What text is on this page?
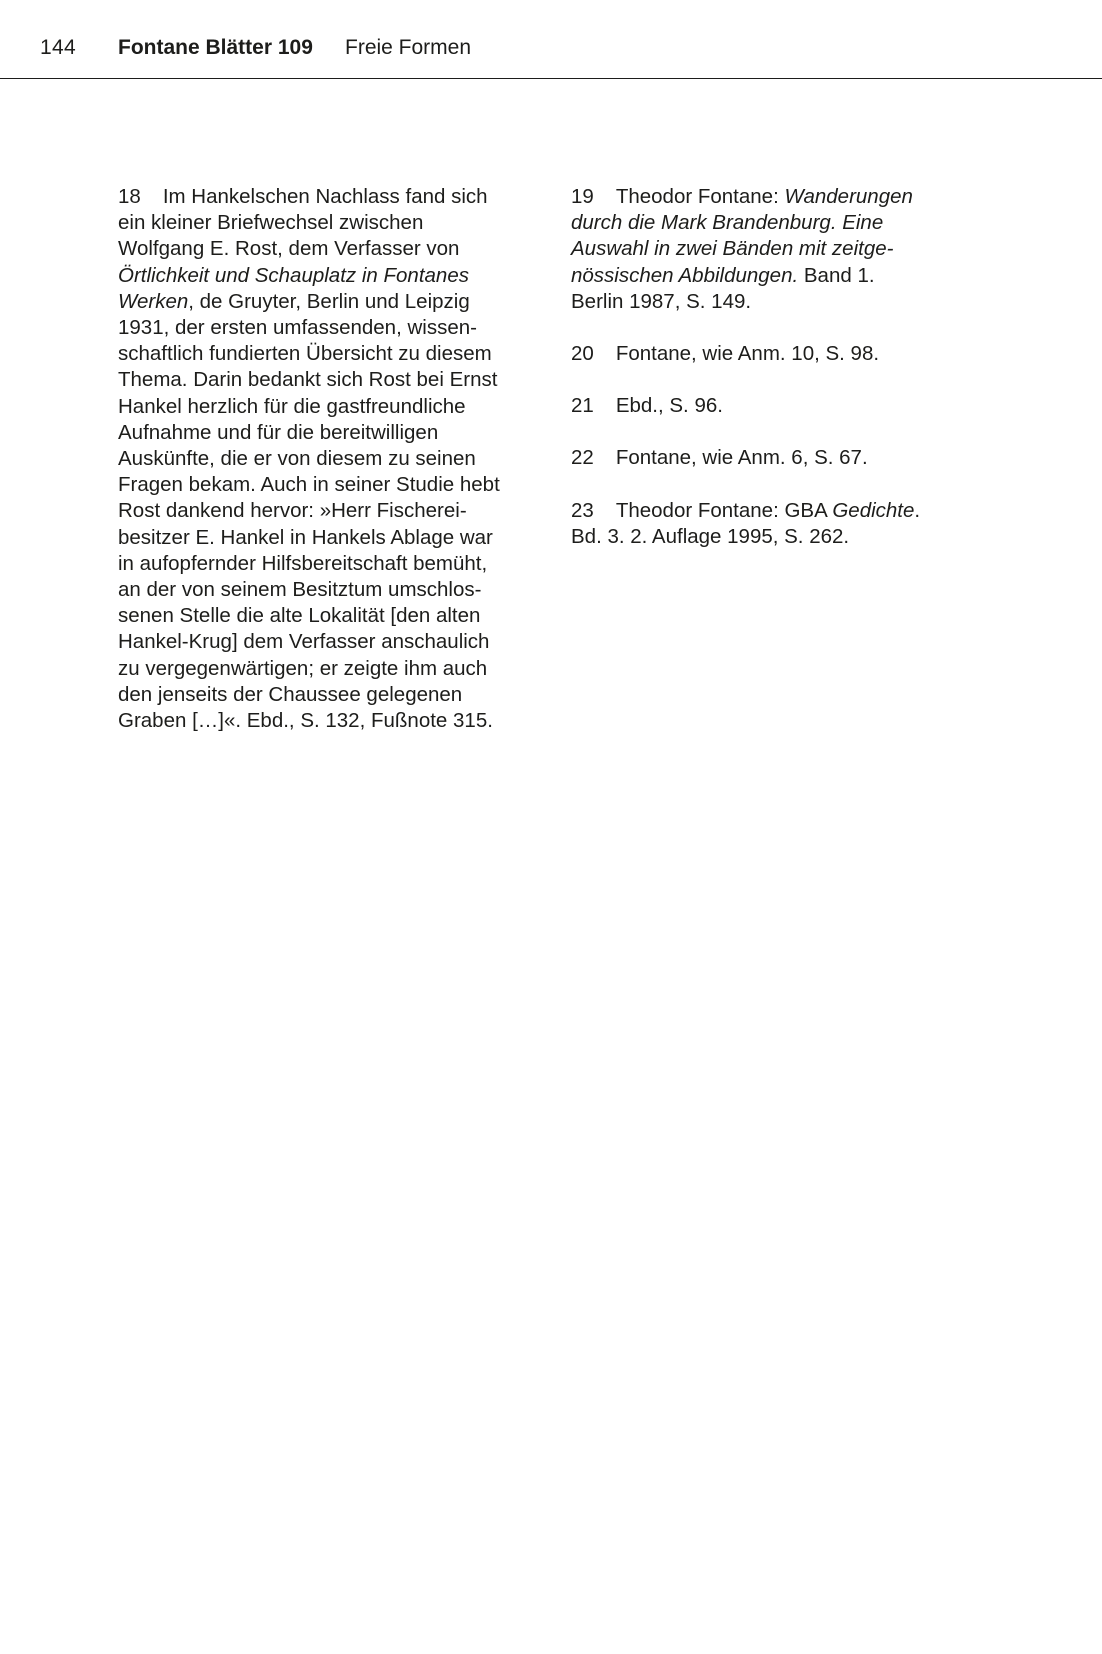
144 Fontane Blätter 109 Freie Formen
18 Im Hankelschen Nachlass fand sich
ein kleiner Briefwechsel zwischen
Wolfgang E. Rost, dem Verfasser von
Örtlichkeit und Schauplatz in Fontanes
Werken, de Gruyter, Berlin und Leipzig
1931, der ersten umfassenden, wissen-
schaftlich fundierten Übersicht zu diesem
Thema. Darin bedankt sich Rost bei Ernst
Hankel herzlich für die gastfreundliche
Aufnahme und für die bereitwilligen
Auskünfte, die er von diesem zu seinen
Fragen bekam. Auch in seiner Studie hebt
Rost dankend hervor: »Herr Fischerei-
besitzer E. Hankel in Hankels Ablage war
in aufopfernder Hilfsbereitschaft bemüht,
an der von seinem Besitztum umschlos-
senen Stelle die alte Lokalität [den alten
Hankel-Krug] dem Verfasser anschaulich
zu vergegenwärtigen; er zeigte ihm auch
den jenseits der Chaussee gelegenen
Graben […]«. Ebd., S. 132, Fußnote 315.
19 Theodor Fontane: Wanderungen
durch die Mark Brandenburg. Eine
Auswahl in zwei Bänden mit zeitge-
nössischen Abbildungen. Band 1.
Berlin 1987, S. 149.
20 Fontane, wie Anm. 10, S. 98.
21 Ebd., S. 96.
22 Fontane, wie Anm. 6, S. 67.
23 Theodor Fontane: GBA Gedichte.
Bd. 3. 2. Auflage 1995, S. 262.
